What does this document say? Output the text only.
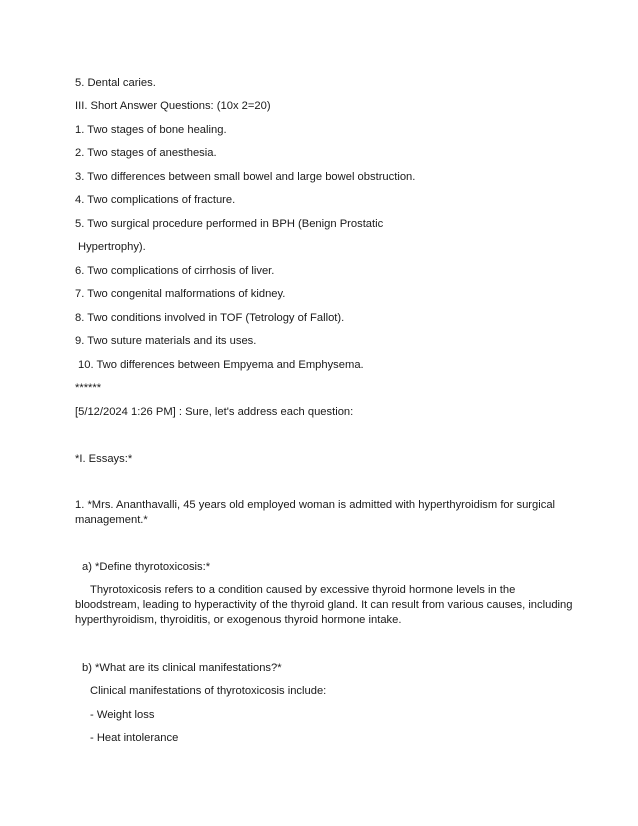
5. Dental caries.
III. Short Answer Questions: (10x 2=20)
1. Two stages of bone healing.
2. Two stages of anesthesia.
3. Two differences between small bowel and large bowel obstruction.
4. Two complications of fracture.
5. Two surgical procedure performed in BPH (Benign Prostatic
Hypertrophy).
6. Two complications of cirrhosis of liver.
7. Two congenital malformations of kidney.
8. Two conditions involved in TOF (Tetrology of Fallot).
9. Two suture materials and its uses.
10. Two differences between Empyema and Emphysema.
******
[5/12/2024 1:26 PM] : Sure, let's address each question:
*I. Essays:*
1. *Mrs. Ananthavalli, 45 years old employed woman is admitted with hyperthyroidism for surgical management.*
a) *Define thyrotoxicosis:*
Thyrotoxicosis refers to a condition caused by excessive thyroid hormone levels in the bloodstream, leading to hyperactivity of the thyroid gland. It can result from various causes, including hyperthyroidism, thyroiditis, or exogenous thyroid hormone intake.
b) *What are its clinical manifestations?*
Clinical manifestations of thyrotoxicosis include:
- Weight loss
- Heat intolerance
